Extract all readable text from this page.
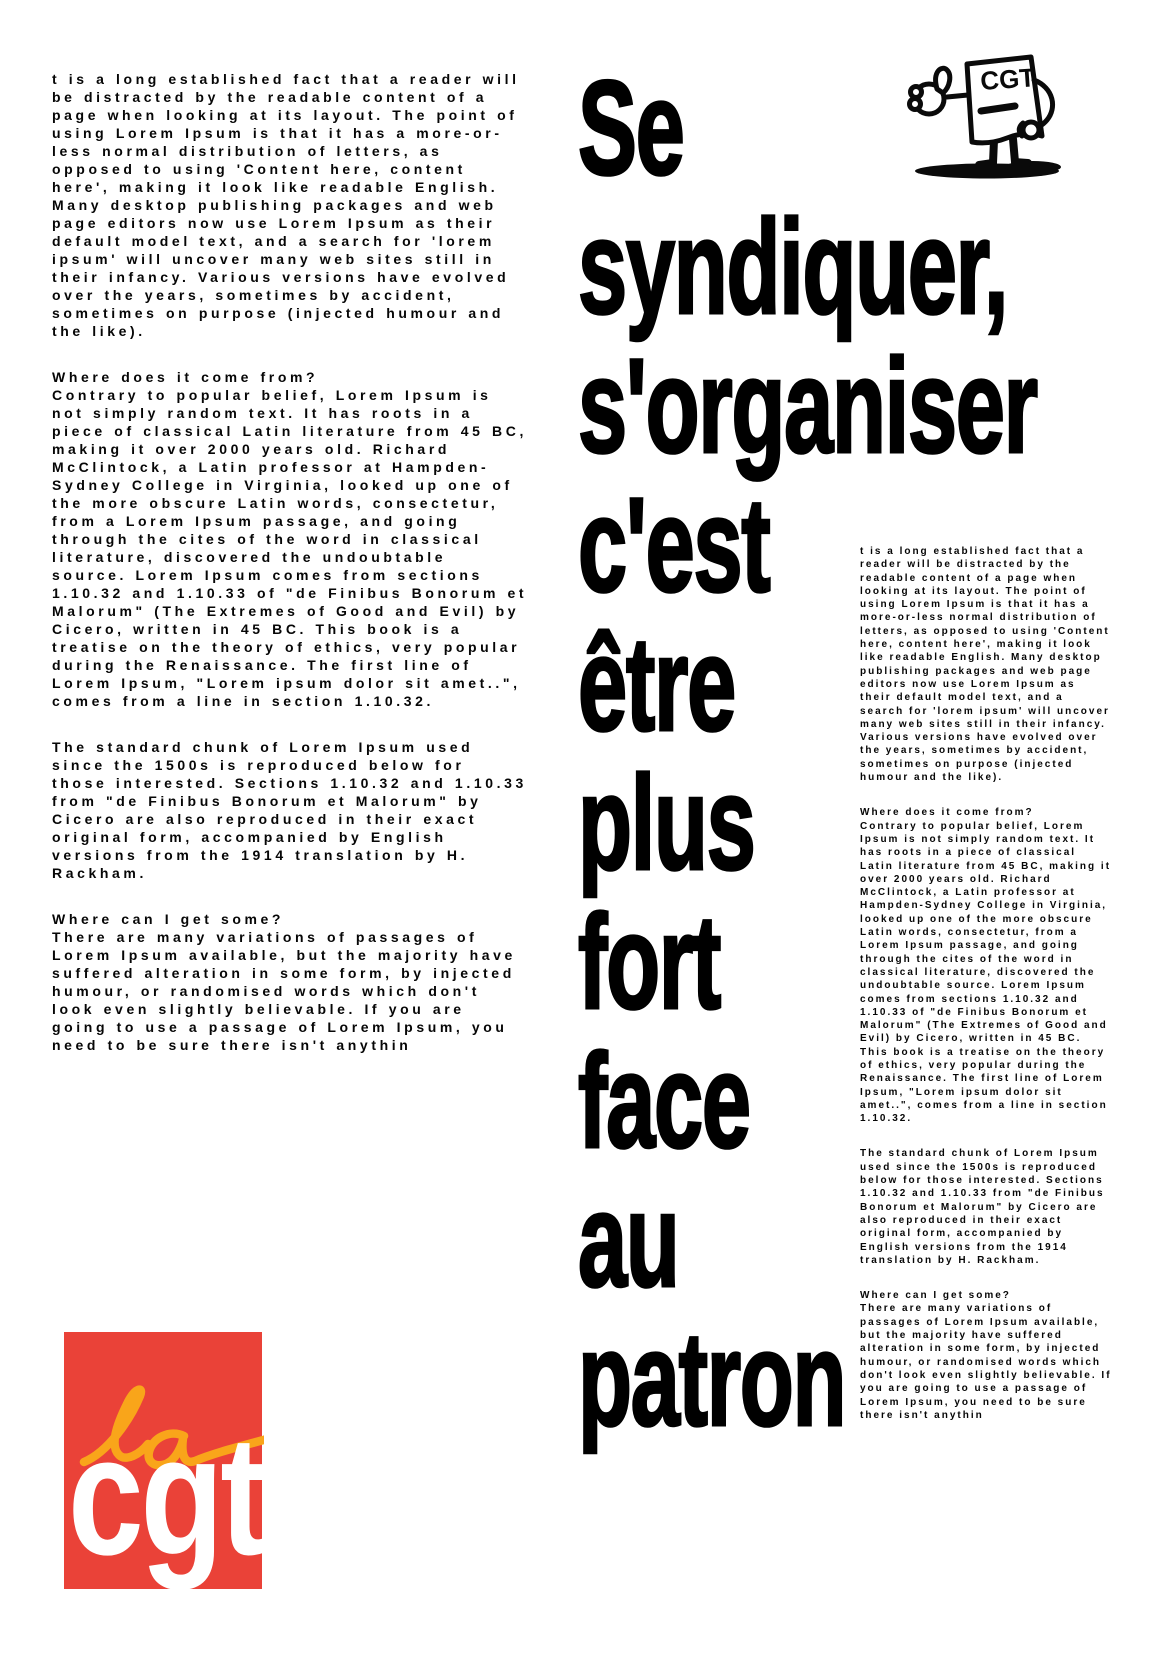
t is a long established fact that a reader will be distracted by the readable content of a page when looking at its layout. The point of using Lorem Ipsum is that it has a more-or-less normal distribution of letters, as opposed to using 'Content here, content here', making it look like readable English. Many desktop publishing packages and web page editors now use Lorem Ipsum as their default model text, and a search for 'lorem ipsum' will uncover many web sites still in their infancy. Various versions have evolved over the years, sometimes by accident, sometimes on purpose (injected humour and the like).
Where does it come from?
Contrary to popular belief, Lorem Ipsum is not simply random text. It has roots in a piece of classical Latin literature from 45 BC, making it over 2000 years old. Richard McClintock, a Latin professor at Hampden-Sydney College in Virginia, looked up one of the more obscure Latin words, consectetur, from a Lorem Ipsum passage, and going through the cites of the word in classical literature, discovered the undoubtable source. Lorem Ipsum comes from sections 1.10.32 and 1.10.33 of "de Finibus Bonorum et Malorum" (The Extremes of Good and Evil) by Cicero, written in 45 BC. This book is a treatise on the theory of ethics, very popular during the Renaissance. The first line of Lorem Ipsum, "Lorem ipsum dolor sit amet..", comes from a line in section 1.10.32.
The standard chunk of Lorem Ipsum used since the 1500s is reproduced below for those interested. Sections 1.10.32 and 1.10.33 from "de Finibus Bonorum et Malorum" by Cicero are also reproduced in their exact original form, accompanied by English versions from the 1914 translation by H. Rackham.
Where can I get some?
There are many variations of passages of Lorem Ipsum available, but the majority have suffered alteration in some form, by injected humour, or randomised words which don't look even slightly believable. If you are going to use a passage of Lorem Ipsum, you need to be sure there isn't anythin
Se
syndiquer,
s'organiser
c'est
être
plus
fort
face
au
patron
t is a long established fact that a reader will be distracted by the readable content of a page when looking at its layout. The point of using Lorem Ipsum is that it has a more-or-less normal distribution of letters, as opposed to using 'Content here, content here', making it look like readable English. Many desktop publishing packages and web page editors now use Lorem Ipsum as their default model text, and a search for 'lorem ipsum' will uncover many web sites still in their infancy. Various versions have evolved over the years, sometimes by accident, sometimes on purpose (injected humour and the like).
Where does it come from?
Contrary to popular belief, Lorem Ipsum is not simply random text. It has roots in a piece of classical Latin literature from 45 BC, making it over 2000 years old. Richard McClintock, a Latin professor at Hampden-Sydney College in Virginia, looked up one of the more obscure Latin words, consectetur, from a Lorem Ipsum passage, and going through the cites of the word in classical literature, discovered the undoubtable source. Lorem Ipsum comes from sections 1.10.32 and 1.10.33 of "de Finibus Bonorum et Malorum" (The Extremes of Good and Evil) by Cicero, written in 45 BC. This book is a treatise on the theory of ethics, very popular during the Renaissance. The first line of Lorem Ipsum, "Lorem ipsum dolor sit amet..", comes from a line in section 1.10.32.
The standard chunk of Lorem Ipsum used since the 1500s is reproduced below for those interested. Sections 1.10.32 and 1.10.33 from "de Finibus Bonorum et Malorum" by Cicero are also reproduced in their exact original form, accompanied by English versions from the 1914 translation by H. Rackham.
Where can I get some?
There are many variations of passages of Lorem Ipsum available, but the majority have suffered alteration in some form, by injected humour, or randomised words which don't look even slightly believable. If you are going to use a passage of Lorem Ipsum, you need to be sure there isn't anythin
CGT
cgt
